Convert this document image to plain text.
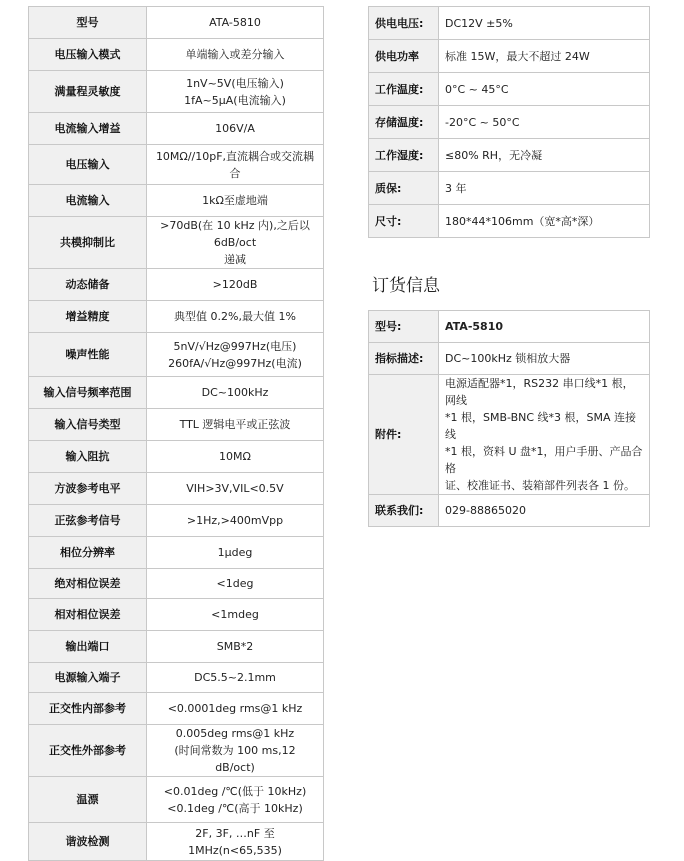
型号	ATA-5810

电压输入模式	单端输入或差分输入

满量程灵敏度	1nV~5V(电压输入)
1fA~5μA(电流输入)

电流输入增益	106V/A

电压输入	10MΩ//10pF,直流耦合或交流耦合

电流输入	1kΩ至虚地端

共模抑制比	>70dB(在 10 kHz 内),之后以 6dB/oct
递减

动态储备	>120dB

增益精度	典型值 0.2%,最大值 1%

噪声性能	5nV/√Hz@997Hz(电压)
260fA/√Hz@997Hz(电流)

输入信号频率范围	DC~100kHz

输入信号类型	TTL 逻辑电平或正弦波

输入阻抗	10MΩ

方波参考电平	VIH>3V,VIL<0.5V

正弦参考信号	>1Hz,>400mVpp

相位分辨率	1μdeg

绝对相位误差	<1deg

相对相位误差	<1mdeg

输出端口	SMB*2

电源输入端子	DC5.5~2.1mm

正交性内部参考	<0.0001deg rms@1 kHz

正交性外部参考	0.005deg rms@1 kHz
(时间常数为 100 ms,12 dB/oct)

温漂	<0.01deg /℃(低于 10kHz)
<0.1deg /℃(高于 10kHz)

谐波检测	2F, 3F, …nF 至 1MHz(n<65,535)
供电电压:	DC12V ±5%
供电功率	标准 15W，最大不超过 24W
工作温度:	0°C ~ 45°C
存储温度:	-20°C ~ 50°C
工作湿度:	≤80% RH，无冷凝
质保:	3 年
尺寸:	180*44*106mm（宽*高*深）
订货信息
型号:	ATA-5810

指标描述:	DC~100kHz 锁相放大器

附件:	电源适配器*1，RS232 串口线*1 根，网线
*1 根，SMB-BNC 线*3 根，SMA 连接线
*1 根，资料 U 盘*1，用户手册、产品合格
证、校准证书、装箱部件列表各 1 份。

联系我们:	029-88865020
